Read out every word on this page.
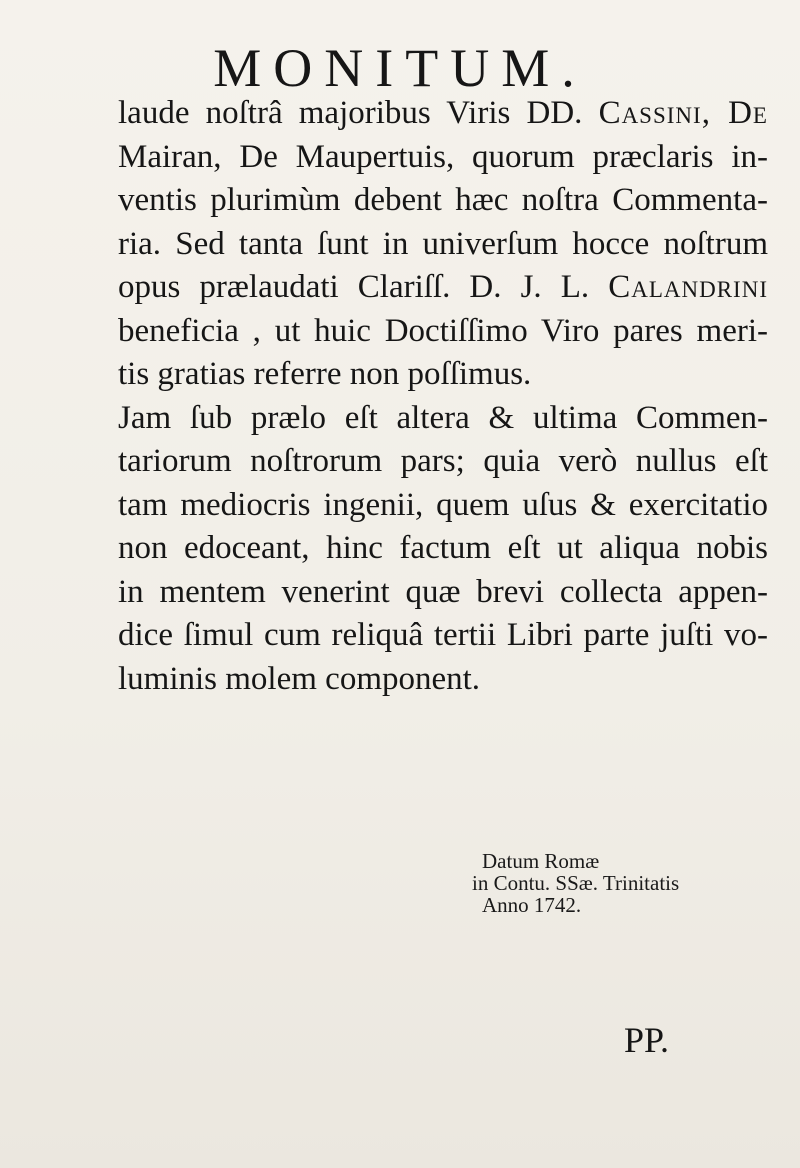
MONITUM.
laude noſtrâ majoribus Viris DD. Cassini, De
Mairan, De Maupertuis, quorum præclaris in-
ventis plurimùm debent hæc noſtra Commenta-
ria. Sed tanta ſunt in univerſum hocce noſtrum
opus prælaudati Clariſſ. D. J. L. Calandrini
beneficia , ut huic Doctiſſimo Viro pares meri-
tis gratias referre non poſſimus.
Jam ſub prælo eſt altera & ultima Commen-
tariorum noſtrorum pars; quia verò nullus eſt
tam mediocris ingenii, quem uſus & exercitatio
non edoceant, hinc factum eſt ut aliqua nobis
in mentem venerint quæ brevi collecta appen-
dice ſimul cum reliquâ tertii Libri parte juſti vo-
luminis molem component.
Datum Romæ
in Contu. SSæ. Trinitatis
Anno 1742.
PP.
